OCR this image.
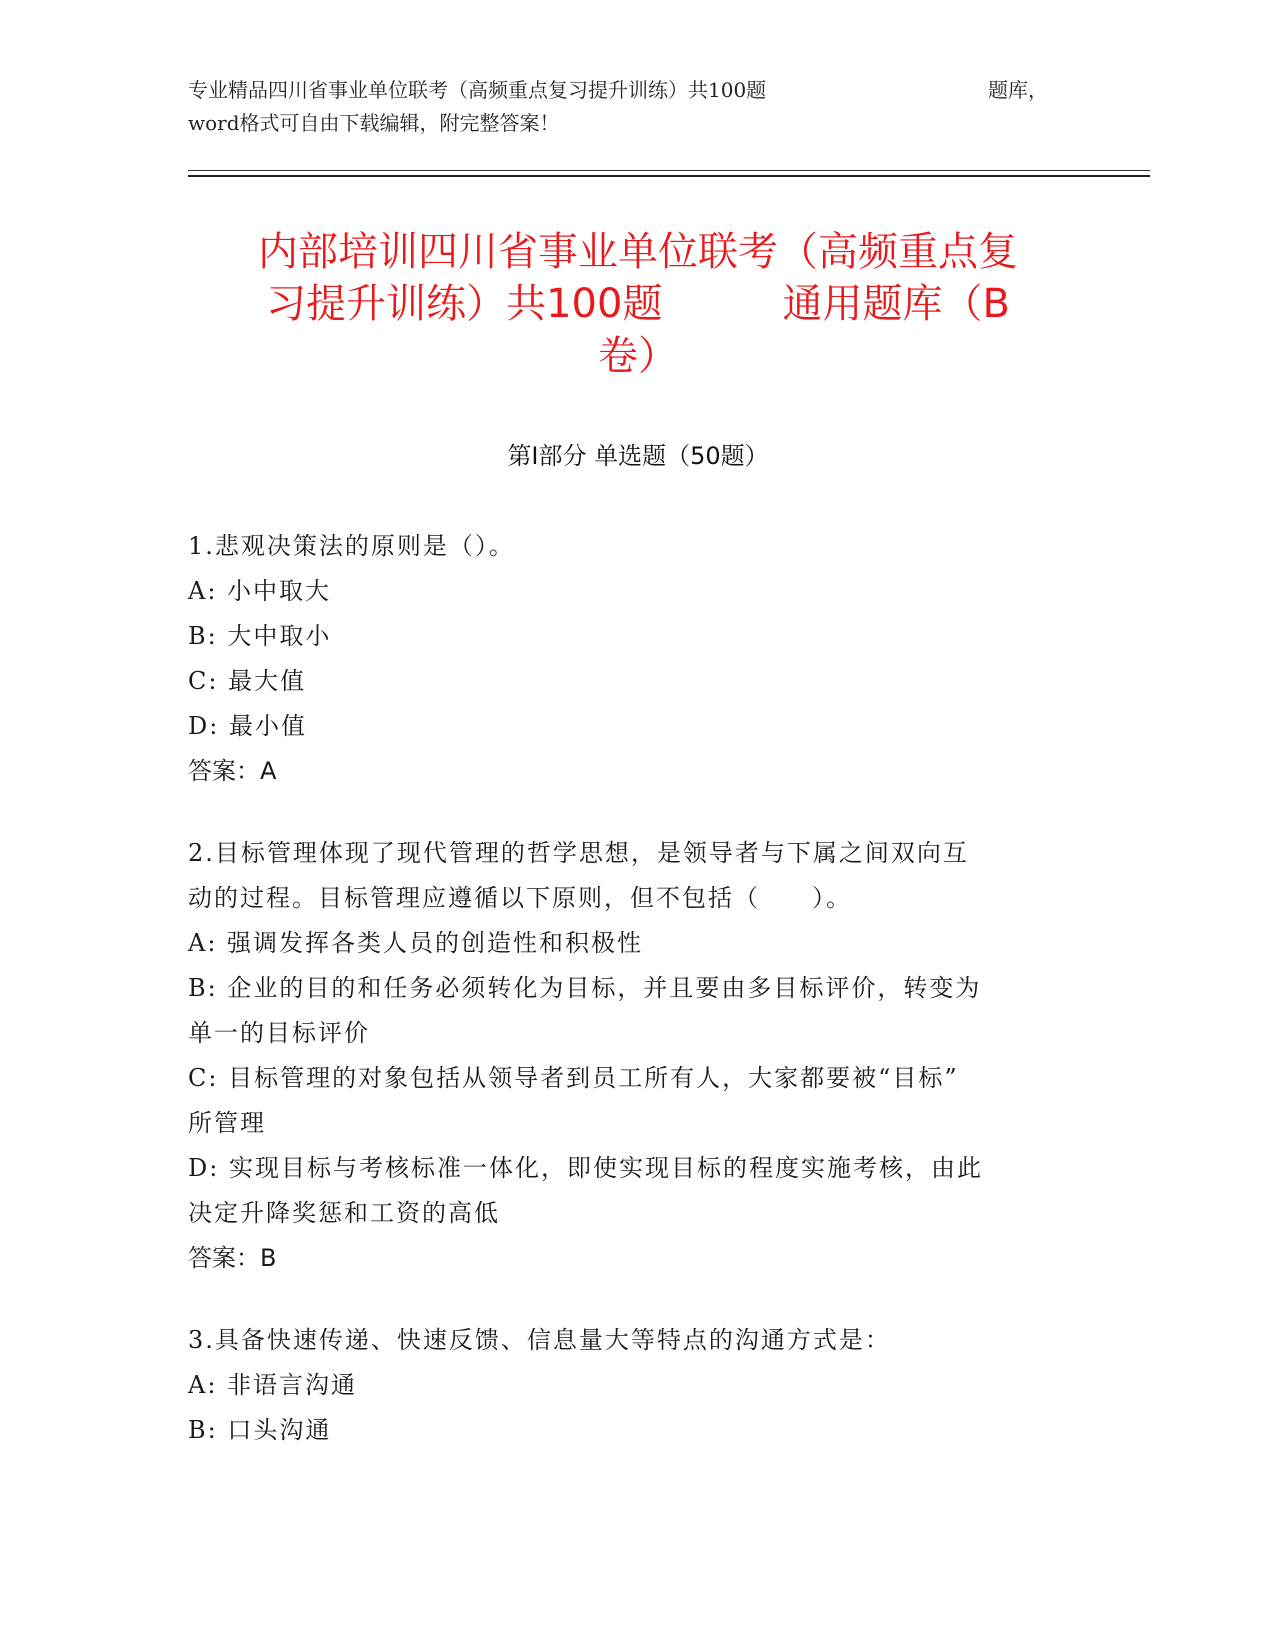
专业精品四川省事业单位联考（高频重点复习提升训练）共100题	题库，
word格式可自由下载编辑，附完整答案！
内部培训四川省事业单位联考（高频重点复
习提升训练）共100题　　　通用题库（B
卷）
第Ⅰ部分 单选题（50题）

1.悲观决策法的原则是（）。

A: 小中取大

B: 大中取小

C: 最大值

D: 最小值

答案：A

2.目标管理体现了现代管理的哲学思想，是领导者与下属之间双向互

动的过程。目标管理应遵循以下原则，但不包括（　　）。

A: 强调发挥各类人员的创造性和积极性

B: 企业的目的和任务必须转化为目标，并且要由多目标评价，转变为

单一的目标评价

C: 目标管理的对象包括从领导者到员工所有人，大家都要被“目标”

所管理

D: 实现目标与考核标准一体化，即使实现目标的程度实施考核，由此

决定升降奖惩和工资的高低

答案：B

3.具备快速传递、快速反馈、信息量大等特点的沟通方式是：

A: 非语言沟通

B: 口头沟通
